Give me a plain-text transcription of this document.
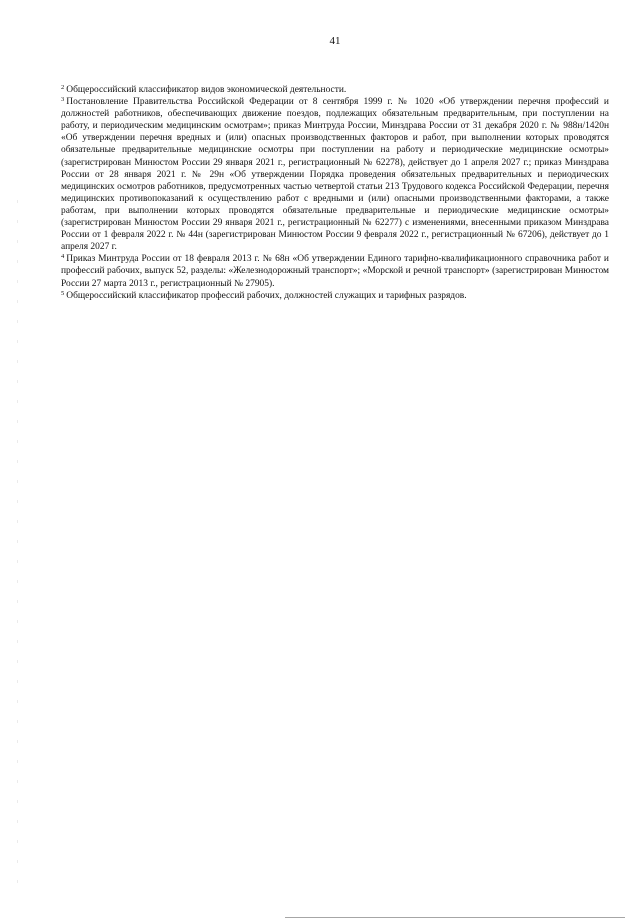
41

$^2$ Общероссийский классификатор видов экономической деятельности.

$^3$ Постановление Правительства Российской Федерации от 8 сентября 1999 г. № 1020 «Об утверждении перечня профессий и должностей работников, обеспечивающих движение поездов, подлежащих обязательным предварительным, при поступлении на работу, и периодическим медицинским осмотрам»; приказ Минтруда России, Минздрава России от 31 декабря 2020 г. № 988н/1420н «Об утверждении перечня вредных и (или) опасных производственных факторов и работ, при выполнении которых проводятся обязательные предварительные медицинские осмотры при поступлении на работу и периодические медицинские осмотры» (зарегистрирован Минюстом России 29 января 2021 г., регистрационный № 62278), действует до 1 апреля 2027 г.; приказ Минздрава России от 28 января 2021 г. № 29н «Об утверждении Порядка проведения обязательных предварительных и периодических медицинских осмотров работников, предусмотренных частью четвертой статьи 213 Трудового кодекса Российской Федерации, перечня медицинских противопоказаний к осуществлению работ с вредными и (или) опасными производственными факторами, а также работам, при выполнении которых проводятся обязательные предварительные и периодические медицинские осмотры» (зарегистрирован Минюстом России 29 января 2021 г., регистрационный № 62277) с изменениями, внесенными приказом Минздрава России от 1 февраля 2022 г. № 44н (зарегистрирован Минюстом России 9 февраля 2022 г., регистрационный № 67206), действует до 1 апреля 2027 г.

$^4$ Приказ Минтруда России от 18 февраля 2013 г. № 68н «Об утверждении Единого тарифно-квалификационного справочника работ и профессий рабочих, выпуск 52, разделы: «Железнодорожный транспорт»; «Морской и речной транспорт» (зарегистрирован Минюстом России 27 марта 2013 г., регистрационный № 27905).

$^5$ Общероссийский классификатор профессий рабочих, должностей служащих и тарифных разрядов.
